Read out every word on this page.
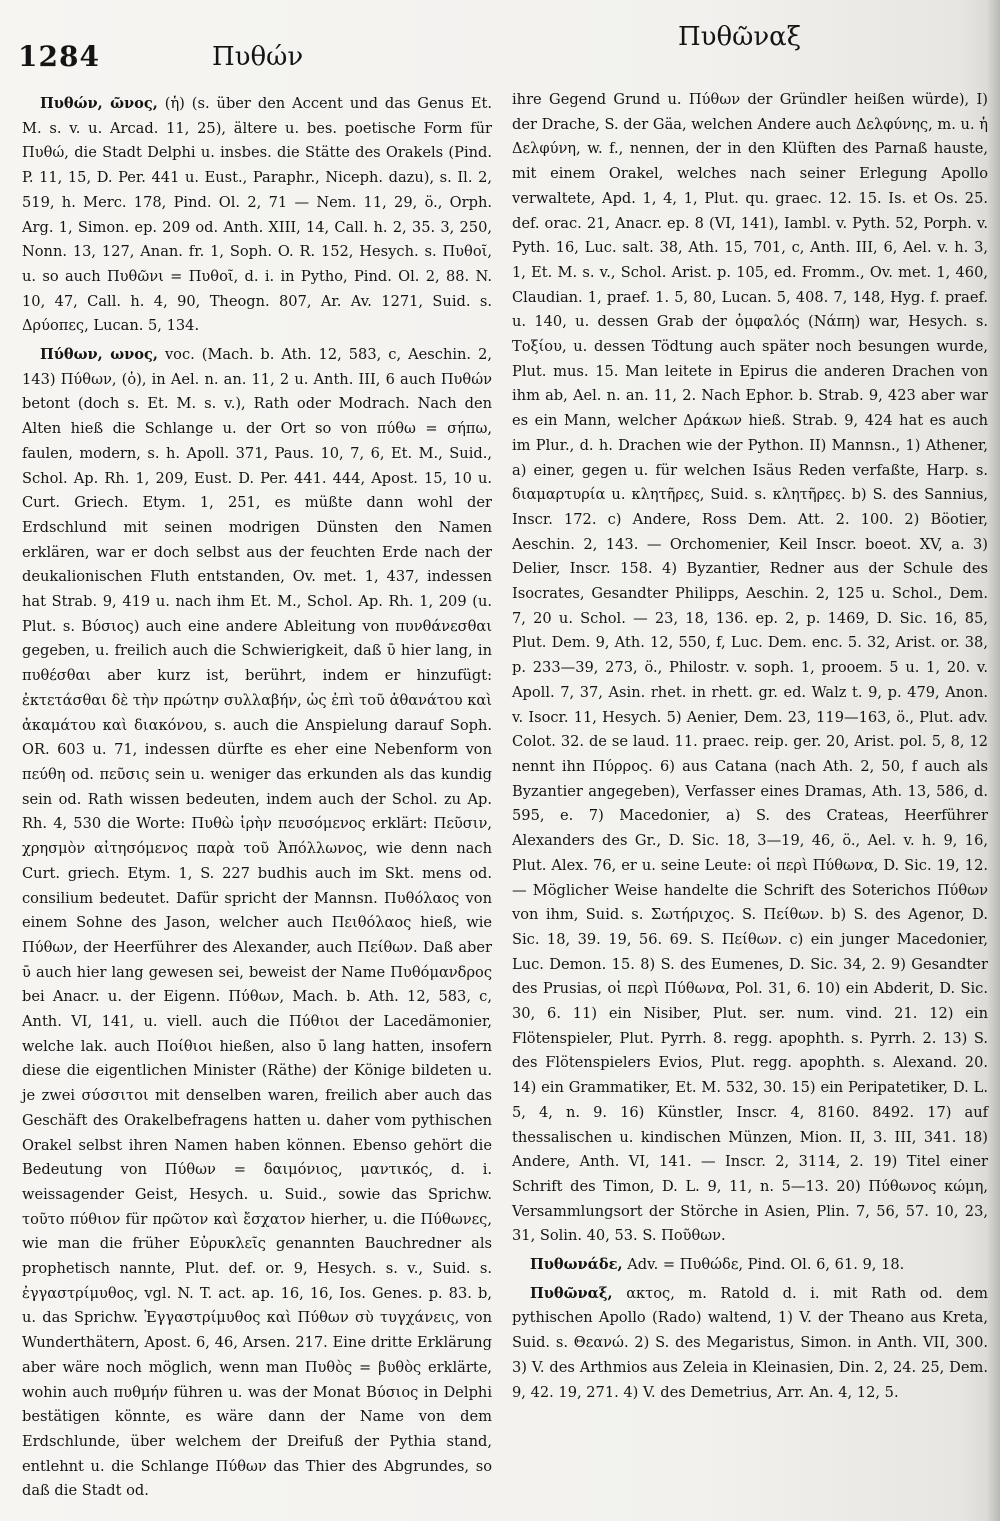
1284	Πυθών
Πυθῶναξ

Πυθών, ῶνος, (ἡ) (s. über den Accent und das Genus Et. M. s. v. u. Arcad. 11, 25), ältere u. bes. poetische Form für Πυθώ, die Stadt Delphi u. insbes. die Stätte des Orakels (Pind. P. 11, 15, D. Per. 441 u. Eust., Paraphr., Niceph. dazu), s. Il. 2, 519, h. Merc. 178, Pind. Ol. 2, 71 — Nem. 11, 29, ö., Orph. Arg. 1, Simon. ep. 209 od. Anth. XIII, 14, Call. h. 2, 35. 3, 250, Nonn. 13, 127, Anan. fr. 1, Soph. O. R. 152, Hesych. s. Πυθοῖ, u. so auch Πυθῶνι = Πυθοῖ, d. i. in Pytho, Pind. Ol. 2, 88. N. 10, 47, Call. h. 4, 90, Theogn. 807, Ar. Av. 1271, Suid. s. Δρύοπες, Lucan. 5, 134.

Πύθων, ωνος, voc. (Mach. b. Ath. 12, 583, c, Aeschin. 2, 143) Πύθων, (ὁ), in Ael. n. an. 11, 2 u. Anth. III, 6 auch Πυθών betont (doch s. Et. M. s. v.), Rath oder Modrach. Nach den Alten hieß die Schlange u. der Ort so von πύθω = σήπω, faulen, modern, s. h. Apoll. 371, Paus. 10, 7, 6, Et. M., Suid., Schol. Ap. Rh. 1, 209, Eust. D. Per. 441. 444, Apost. 15, 10 u. Curt. Griech. Etym. 1, 251, es müßte dann wohl der Erdschlund mit seinen modrigen Dünsten den Namen erklären, war er doch selbst aus der feuchten Erde nach der deukalionischen Fluth entstanden, Ov. met. 1, 437, indessen hat Strab. 9, 419 u. nach ihm Et. M., Schol. Ap. Rh. 1, 209 (u. Plut. s. Βύσιος) auch eine andere Ableitung von πυνθάνεσθαι gegeben, u. freilich auch die Schwierigkeit, daß ῡ hier lang, in πυθέσθαι aber kurz ist, berührt, indem er hinzufügt: ἐκτετάσθαι δὲ τὴν πρώτην συλλαβήν, ὡς ἐπὶ τοῦ ἀθανάτου καὶ ἀκαμάτου καὶ διακόνου, s. auch die Anspielung darauf Soph. OR. 603 u. 71, indessen dürfte es eher eine Nebenform von πεύθη od. πεῦσις sein u. weniger das erkunden als das kundig sein od. Rath wissen bedeuten, indem auch der Schol. zu Ap. Rh. 4, 530 die Worte: Πυθὼ ἱρὴν πευσόμενος erklärt: Πεῦσιν, χρησμὸν αἰτησόμενος παρὰ τοῦ Ἀπόλλωνος, wie denn nach Curt. griech. Etym. 1, S. 227 budhis auch im Skt. mens od. consilium bedeutet. Dafür spricht der Mannsn. Πυθόλαος von einem Sohne des Jason, welcher auch Πειθόλαος hieß, wie Πύθων, der Heerführer des Alexander, auch Πείθων. Daß aber ῡ auch hier lang gewesen sei, beweist der Name Πυθόμανδρος bei Anacr. u. der Eigenn. Πύθων, Mach. b. Ath. 12, 583, c, Anth. VI, 141, u. viell. auch die Πύθιοι der Lacedämonier, welche lak. auch Ποίθιοι hießen, also ῡ lang hatten, insofern diese die eigentlichen Minister (Räthe) der Könige bildeten u. je zwei σύσσιτοι mit denselben waren, freilich aber auch das Geschäft des Orakelbefragens hatten u. daher vom pythischen Orakel selbst ihren Namen haben können. Ebenso gehört die Bedeutung von Πύθων = δαιμόνιος, μαντικός, d. i. weissagender Geist, Hesych. u. Suid., sowie das Sprichw. τοῦτο πύθιον für πρῶτον καὶ ἔσχατον hierher, u. die Πύθωνες, wie man die früher Εὐρυκλεῖς genannten Bauchredner als prophetisch nannte, Plut. def. or. 9, Hesych. s. v., Suid. s. ἐγγαστρίμυθος, vgl. N. T. act. ap. 16, 16, Ios. Genes. p. 83. b, u. das Sprichw. Ἐγγαστρίμυθος καὶ Πύθων σὺ τυγχάνεις, von Wunderthätern, Apost. 6, 46, Arsen. 217. Eine dritte Erklärung aber wäre noch möglich, wenn man Πυθὸς = βυθὸς erklärte, wohin auch πυθμήν führen u. was der Monat Βύσιος in Delphi bestätigen könnte, es wäre dann der Name von dem Erdschlunde, über welchem der Dreifuß der Pythia stand, entlehnt u. die Schlange Πύθων das Thier des Abgrundes, so daß die Stadt od.

ihre Gegend Grund u. Πύθων der Gründler heißen würde), I) der Drache, S. der Gäa, welchen Andere auch Δελφύνης, m. u. ἡ Δελφύνη, w. f., nennen, der in den Klüften des Parnaß hauste, mit einem Orakel, welches nach seiner Erlegung Apollo verwaltete, Apd. 1, 4, 1, Plut. qu. graec. 12. 15. Is. et Os. 25. def. orac. 21, Anacr. ep. 8 (VI, 141), Iambl. v. Pyth. 52, Porph. v. Pyth. 16, Luc. salt. 38, Ath. 15, 701, c, Anth. III, 6, Ael. v. h. 3, 1, Et. M. s. v., Schol. Arist. p. 105, ed. Fromm., Ov. met. 1, 460, Claudian. 1, praef. 1. 5, 80, Lucan. 5, 408. 7, 148, Hyg. f. praef. u. 140, u. dessen Grab der ὀμφαλός (Νάπη) war, Hesych. s. Τοξίου, u. dessen Tödtung auch später noch besungen wurde, Plut. mus. 15. Man leitete in Epirus die anderen Drachen von ihm ab, Ael. n. an. 11, 2. Nach Ephor. b. Strab. 9, 423 aber war es ein Mann, welcher Δράκων hieß. Strab. 9, 424 hat es auch im Plur., d. h. Drachen wie der Python. II) Mannsn., 1) Athener, a) einer, gegen u. für welchen Isäus Reden verfaßte, Harp. s. διαμαρτυρία u. κλητῆρες, Suid. s. κλητῆρες. b) S. des Sannius, Inscr. 172. c) Andere, Ross Dem. Att. 2. 100. 2) Böotier, Aeschin. 2, 143. — Orchomenier, Keil Inscr. boeot. XV, a. 3) Delier, Inscr. 158. 4) Byzantier, Redner aus der Schule des Isocrates, Gesandter Philipps, Aeschin. 2, 125 u. Schol., Dem. 7, 20 u. Schol. — 23, 18, 136. ep. 2, p. 1469, D. Sic. 16, 85, Plut. Dem. 9, Ath. 12, 550, f, Luc. Dem. enc. 5. 32, Arist. or. 38, p. 233—39, 273, ö., Philostr. v. soph. 1, prooem. 5 u. 1, 20. v. Apoll. 7, 37, Asin. rhet. in rhett. gr. ed. Walz t. 9, p. 479, Anon. v. Isocr. 11, Hesych. 5) Aenier, Dem. 23, 119—163, ö., Plut. adv. Colot. 32. de se laud. 11. praec. reip. ger. 20, Arist. pol. 5, 8, 12 nennt ihn Πύρρος. 6) aus Catana (nach Ath. 2, 50, f auch als Byzantier angegeben), Verfasser eines Dramas, Ath. 13, 586, d. 595, e. 7) Macedonier, a) S. des Crateas, Heerführer Alexanders des Gr., D. Sic. 18, 3—19, 46, ö., Ael. v. h. 9, 16, Plut. Alex. 76, er u. seine Leute: οἱ περὶ Πύθωνα, D. Sic. 19, 12. — Möglicher Weise handelte die Schrift des Soterichos Πύθων von ihm, Suid. s. Σωτήριχος. S. Πείθων. b) S. des Agenor, D. Sic. 18, 39. 19, 56. 69. S. Πείθων. c) ein junger Macedonier, Luc. Demon. 15. 8) S. des Eumenes, D. Sic. 34, 2. 9) Gesandter des Prusias, οἱ περὶ Πύθωνα, Pol. 31, 6. 10) ein Abderit, D. Sic. 30, 6. 11) ein Nisiber, Plut. ser. num. vind. 21. 12) ein Flötenspieler, Plut. Pyrrh. 8. regg. apophth. s. Pyrrh. 2. 13) S. des Flötenspielers Evios, Plut. regg. apophth. s. Alexand. 20. 14) ein Grammatiker, Et. M. 532, 30. 15) ein Peripatetiker, D. L. 5, 4, n. 9. 16) Künstler, Inscr. 4, 8160. 8492. 17) auf thessalischen u. kindischen Münzen, Mion. II, 3. III, 341. 18) Andere, Anth. VI, 141. — Inscr. 2, 3114, 2. 19) Titel einer Schrift des Timon, D. L. 9, 11, n. 5—13. 20) Πύθωνος κώμη, Versammlungsort der Störche in Asien, Plin. 7, 56, 57. 10, 23, 31, Solin. 40, 53. S. Ποῦθων.

Πυθωνάδε, Adv. = Πυθώδε, Pind. Ol. 6, 61. 9, 18.

Πυθῶναξ, ακτος, m. Ratold d. i. mit Rath od. dem pythischen Apollo (Rado) waltend, 1) V. der Theano aus Kreta, Suid. s. Θεανώ. 2) S. des Megaristus, Simon. in Anth. VII, 300. 3) V. des Arthmios aus Zeleia in Kleinasien, Din. 2, 24. 25, Dem. 9, 42. 19, 271. 4) V. des Demetrius, Arr. An. 4, 12, 5.
